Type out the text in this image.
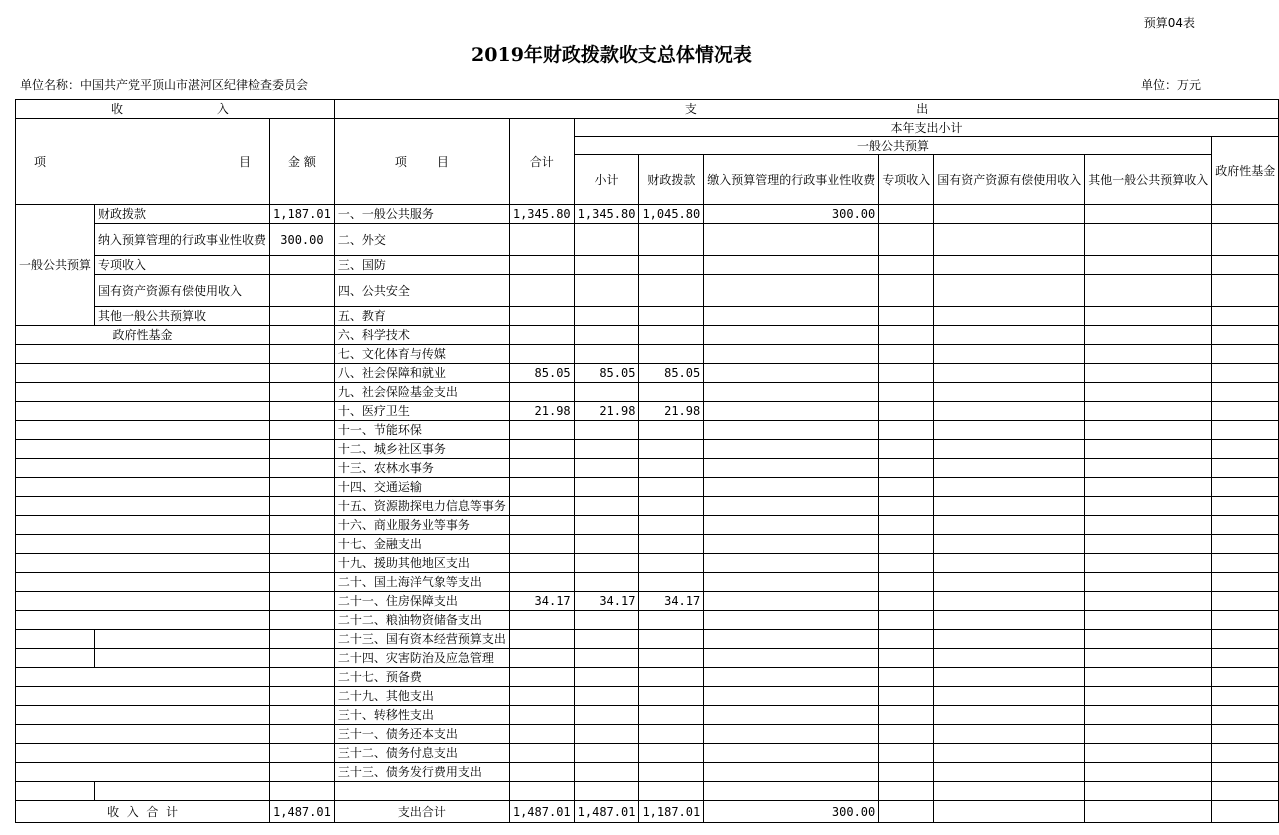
预算04表
2019年财政拨款收支总体情况表
单位名称：中国共产党平顶山市湛河区纪律检查委员会	单位：万元
收 入			支 出								

项 目		金 额	项 目	合计	本年支出小计						
					一般公共预算						政府性基金
					小计	财政拨款	缴入预算管理的行政事业性收费	专项收入	国有资产资源有偿使用收入	其他一般公共预算收入	
一般公共预算	财政拨款	1,187.01	一、一般公共服务	1,345.80	1,345.80	1,045.80	300.00				
	纳入预算管理的行政事业性收费	300.00	二、外交								
	专项收入		三、国防								
	国有资产资源有偿使用收入		四、公共安全								
	其他一般公共预算收		五、教育								
政府性基金			六、科学技术								
			七、文化体育与传媒								
			八、社会保障和就业	85.05	85.05	85.05					
			九、社会保险基金支出								
			十、医疗卫生	21.98	21.98	21.98					
			十一、节能环保								
			十二、城乡社区事务								
			十三、农林水事务								
			十四、交通运输								
			十五、资源勘探电力信息等事务								
			十六、商业服务业等事务								
			十七、金融支出								
			十九、援助其他地区支出								
			二十、国土海洋气象等支出								
			二十一、住房保障支出	34.17	34.17	34.17					
			二十二、粮油物资储备支出								
			二十三、国有资本经营预算支出								
			二十四、灾害防治及应急管理								
			二十七、预备费								
			二十九、其他支出								
			三十、转移性支出								
			三十一、债务还本支出								
			三十二、债务付息支出								
			三十三、债务发行费用支出								

收  入  合  计		1,487.01	支出合计	1,487.01	1,487.01	1,187.01	300.00				
